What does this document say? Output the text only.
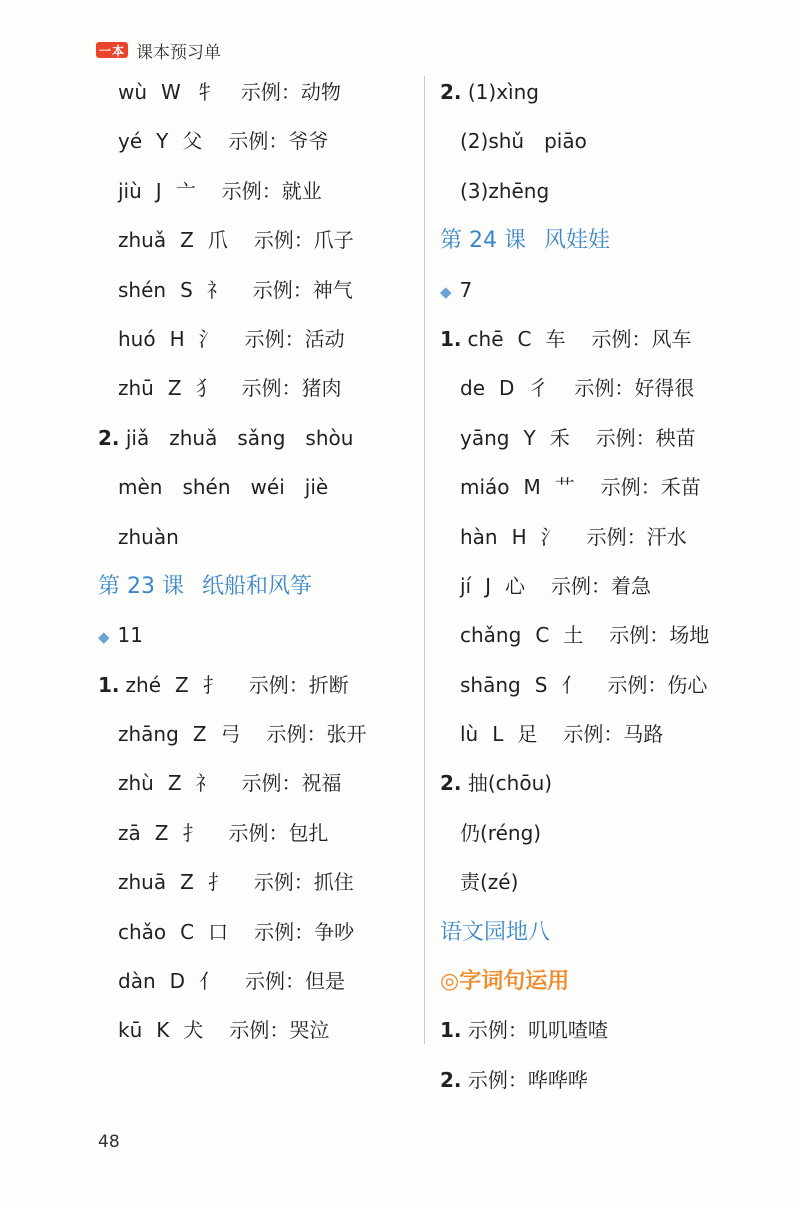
一本 课本预习单
wù W 牜 示例：动物
yé Y 父 示例：爷爷
jiù J 亠 示例：就业
zhuǎ Z 爪 示例：爪子
shén S 礻 示例：神气
huó H 氵 示例：活动
zhū Z 犭 示例：猪肉
2. jiǎ　zhuǎ　sǎng　shòu
mèn　shén　wéi　jiè
zhuàn
第 23 课 纸船和风筝
◆ 11
1. zhé Z 扌 示例：折断
zhāng Z 弓 示例：张开
zhù Z 礻 示例：祝福
zā Z 扌 示例：包扎
zhuā Z 扌 示例：抓住
chǎo C 口 示例：争吵
dàn D 亻 示例：但是
kū K 犬 示例：哭泣
2. (1)xìng
(2)shǔ　piāo
(3)zhēng
第 24 课 风娃娃
◆ 7
1. chē C 车 示例：风车
de D 彳 示例：好得很
yāng Y 禾 示例：秧苗
miáo M 艹 示例：禾苗
hàn H 氵 示例：汗水
jí J 心 示例：着急
chǎng C 土 示例：场地
shāng S 亻 示例：伤心
lù L 足 示例：马路
2. 抽(chōu)
仍(réng)
责(zé)
语文园地八
◎字词句运用
1. 示例：叽叽喳喳
2. 示例：哗哗哗
48
